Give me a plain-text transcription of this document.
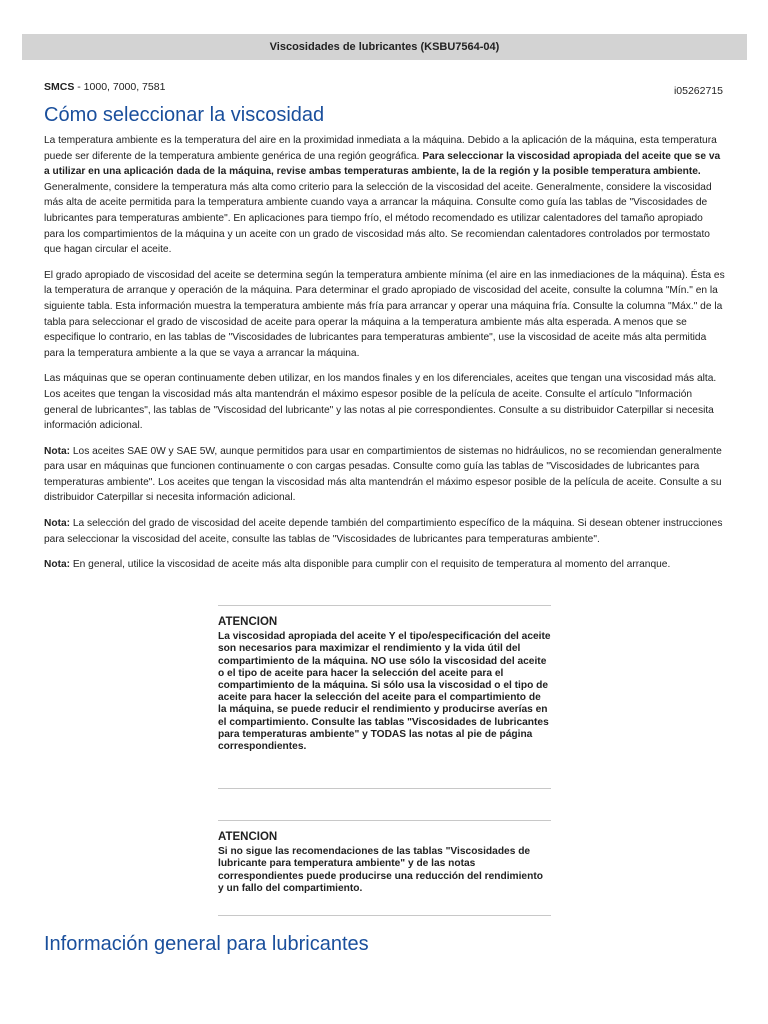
Viscosidades de lubricantes (KSBU7564-04)
SMCS - 1000, 7000, 7581	i05262715
Cómo seleccionar la viscosidad

La temperatura ambiente es la temperatura del aire en la proximidad inmediata a la máquina. Debido a la aplicación de la máquina, esta temperatura puede ser diferente de la temperatura ambiente genérica de una región geográfica. Para seleccionar la viscosidad apropiada del aceite que se va a utilizar en una aplicación dada de la máquina, revise ambas temperaturas ambiente, la de la región y la posible temperatura ambiente. Generalmente, considere la temperatura más alta como criterio para la selección de la viscosidad del aceite. Generalmente, considere la viscosidad más alta de aceite permitida para la temperatura ambiente cuando vaya a arrancar la máquina. Consulte como guía las tablas de "Viscosidades de lubricantes para temperaturas ambiente". En aplicaciones para tiempo frío, el método recomendado es utilizar calentadores del tamaño apropiado para los compartimientos de la máquina y un aceite con un grado de viscosidad más alto. Se recomiendan calentadores controlados por termostato que hagan circular el aceite.

El grado apropiado de viscosidad del aceite se determina según la temperatura ambiente mínima (el aire en las inmediaciones de la máquina). Ésta es la temperatura de arranque y operación de la máquina. Para determinar el grado apropiado de viscosidad del aceite, consulte la columna "Mín." en la siguiente tabla. Esta información muestra la temperatura ambiente más fría para arrancar y operar una máquina fría. Consulte la columna "Máx." de la tabla para seleccionar el grado de viscosidad de aceite para operar la máquina a la temperatura ambiente más alta esperada. A menos que se especifique lo contrario, en las tablas de "Viscosidades de lubricantes para temperaturas ambiente", use la viscosidad de aceite más alta permitida para la temperatura ambiente a la que se vaya a arrancar la máquina.

Las máquinas que se operan continuamente deben utilizar, en los mandos finales y en los diferenciales, aceites que tengan una viscosidad más alta. Los aceites que tengan la viscosidad más alta mantendrán el máximo espesor posible de la película de aceite. Consulte el artículo "Información general de lubricantes", las tablas de "Viscosidad del lubricante" y las notas al pie correspondientes. Consulte a su distribuidor Caterpillar si necesita información adicional.

Nota: Los aceites SAE 0W y SAE 5W, aunque permitidos para usar en compartimientos de sistemas no hidráulicos, no se recomiendan generalmente para usar en máquinas que funcionen continuamente o con cargas pesadas. Consulte como guía las tablas de "Viscosidades de lubricantes para temperaturas ambiente". Los aceites que tengan la viscosidad más alta mantendrán el máximo espesor posible de la película de aceite. Consulte a su distribuidor Caterpillar si necesita información adicional.

Nota: La selección del grado de viscosidad del aceite depende también del compartimiento específico de la máquina. Si desean obtener instrucciones para seleccionar la viscosidad del aceite, consulte las tablas de "Viscosidades de lubricantes para temperaturas ambiente".

Nota: En general, utilice la viscosidad de aceite más alta disponible para cumplir con el requisito de temperatura al momento del arranque.

ATENCION
La viscosidad apropiada del aceite Y el tipo/especificación del aceite son necesarios para maximizar el rendimiento y la vida útil del compartimiento de la máquina. NO use sólo la viscosidad del aceite o el tipo de aceite para hacer la selección del aceite para el compartimiento de la máquina. Si sólo usa la viscosidad o el tipo de aceite para hacer la selección del aceite para el compartimiento de la máquina, se puede reducir el rendimiento y producirse averías en el compartimiento. Consulte las tablas "Viscosidades de lubricantes para temperaturas ambiente" y TODAS las notas al pie de página correspondientes.
ATENCION
Si no sigue las recomendaciones de las tablas "Viscosidades de lubricante para temperatura ambiente" y de las notas correspondientes puede producirse una reducción del rendimiento y un fallo del compartimiento.
Información general para lubricantes
